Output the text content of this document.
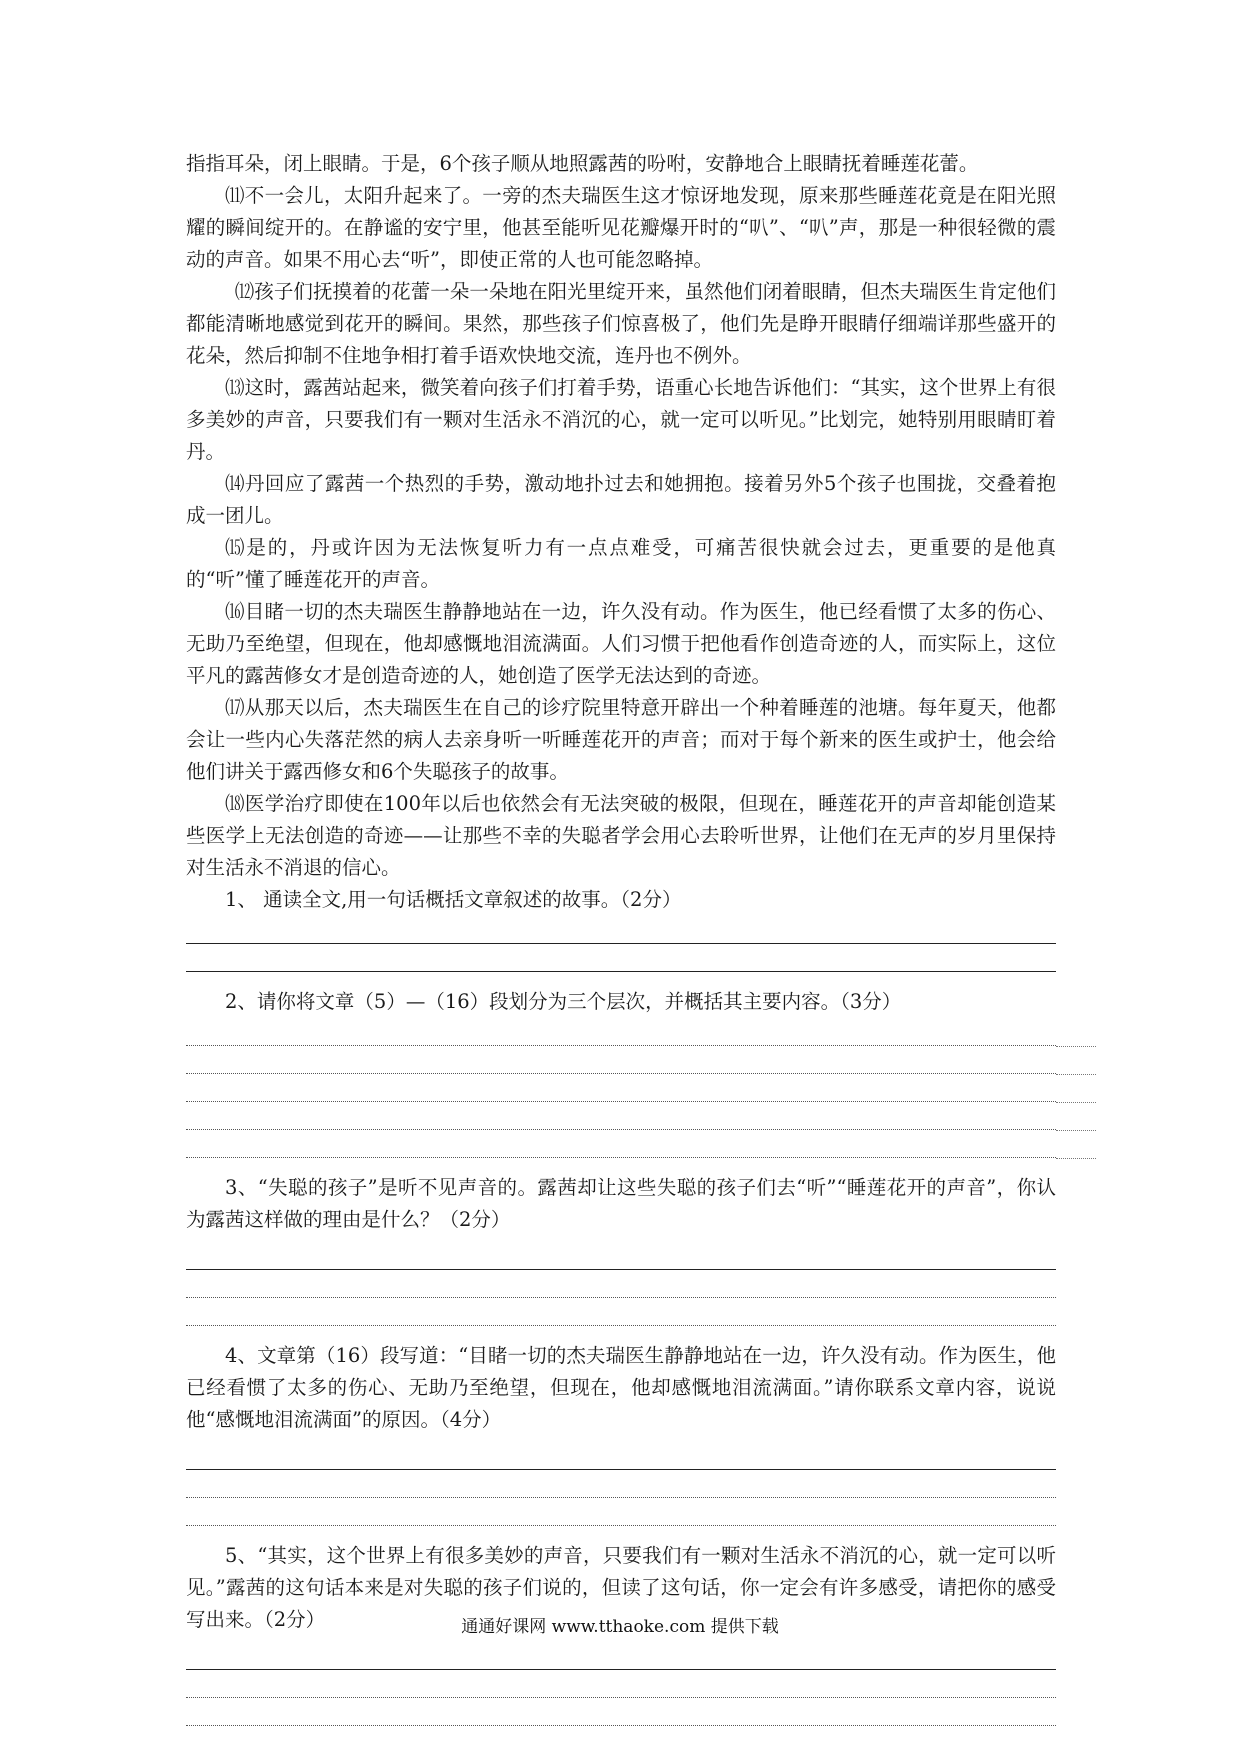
指指耳朵，闭上眼睛。于是，6个孩子顺从地照露茜的吩咐，安静地合上眼睛抚着睡莲花蕾。

⑾不一会儿，太阳升起来了。一旁的杰夫瑞医生这才惊讶地发现，原来那些睡莲花竟是在阳光照耀的瞬间绽开的。在静谧的安宁里，他甚至能听见花瓣爆开时的“叭”、“叭”声，那是一种很轻微的震动的声音。如果不用心去“听”，即使正常的人也可能忽略掉。

⑿孩子们抚摸着的花蕾一朵一朵地在阳光里绽开来，虽然他们闭着眼睛，但杰夫瑞医生肯定他们都能清晰地感觉到花开的瞬间。果然，那些孩子们惊喜极了，他们先是睁开眼睛仔细端详那些盛开的花朵，然后抑制不住地争相打着手语欢快地交流，连丹也不例外。

⒀这时，露茜站起来，微笑着向孩子们打着手势，语重心长地告诉他们：“其实，这个世界上有很多美妙的声音，只要我们有一颗对生活永不消沉的心，就一定可以听见。”比划完，她特别用眼睛盯着丹。

⒁丹回应了露茜一个热烈的手势，激动地扑过去和她拥抱。接着另外5个孩子也围拢，交叠着抱成一团儿。

⒂是的，丹或许因为无法恢复听力有一点点难受，可痛苦很快就会过去，更重要的是他真的“听”懂了睡莲花开的声音。

⒃目睹一切的杰夫瑞医生静静地站在一边，许久没有动。作为医生，他已经看惯了太多的伤心、无助乃至绝望，但现在，他却感慨地泪流满面。人们习惯于把他看作创造奇迹的人，而实际上，这位平凡的露茜修女才是创造奇迹的人，她创造了医学无法达到的奇迹。

⒄从那天以后，杰夫瑞医生在自己的诊疗院里特意开辟出一个种着睡莲的池塘。每年夏天，他都会让一些内心失落茫然的病人去亲身听一听睡莲花开的声音；而对于每个新来的医生或护士，他会给他们讲关于露西修女和6个失聪孩子的故事。

⒅医学治疗即使在100年以后也依然会有无法突破的极限，但现在，睡莲花开的声音却能创造某些医学上无法创造的奇迹——让那些不幸的失聪者学会用心去聆听世界，让他们在无声的岁月里保持对生活永不消退的信心。

1、 通读全文,用一句话概括文章叙述的故事。（2分）

2、请你将文章（5）—（16）段划分为三个层次，并概括其主要内容。（3分）

3、“失聪的孩子”是听不见声音的。露茜却让这些失聪的孩子们去“听”“睡莲花开的声音”，你认为露茜这样做的理由是什么？（2分）

4、文章第（16）段写道：“目睹一切的杰夫瑞医生静静地站在一边，许久没有动。作为医生，他已经看惯了太多的伤心、无助乃至绝望，但现在，他却感慨地泪流满面。”请你联系文章内容，说说他“感慨地泪流满面”的原因。（4分）

5、“其实，这个世界上有很多美妙的声音，只要我们有一颗对生活永不消沉的心，就一定可以听见。”露茜的这句话本来是对失聪的孩子们说的，但读了这句话，你一定会有许多感受，请把你的感受写出来。（2分）	通通好课网 www.tthaoke.com 提供下载
